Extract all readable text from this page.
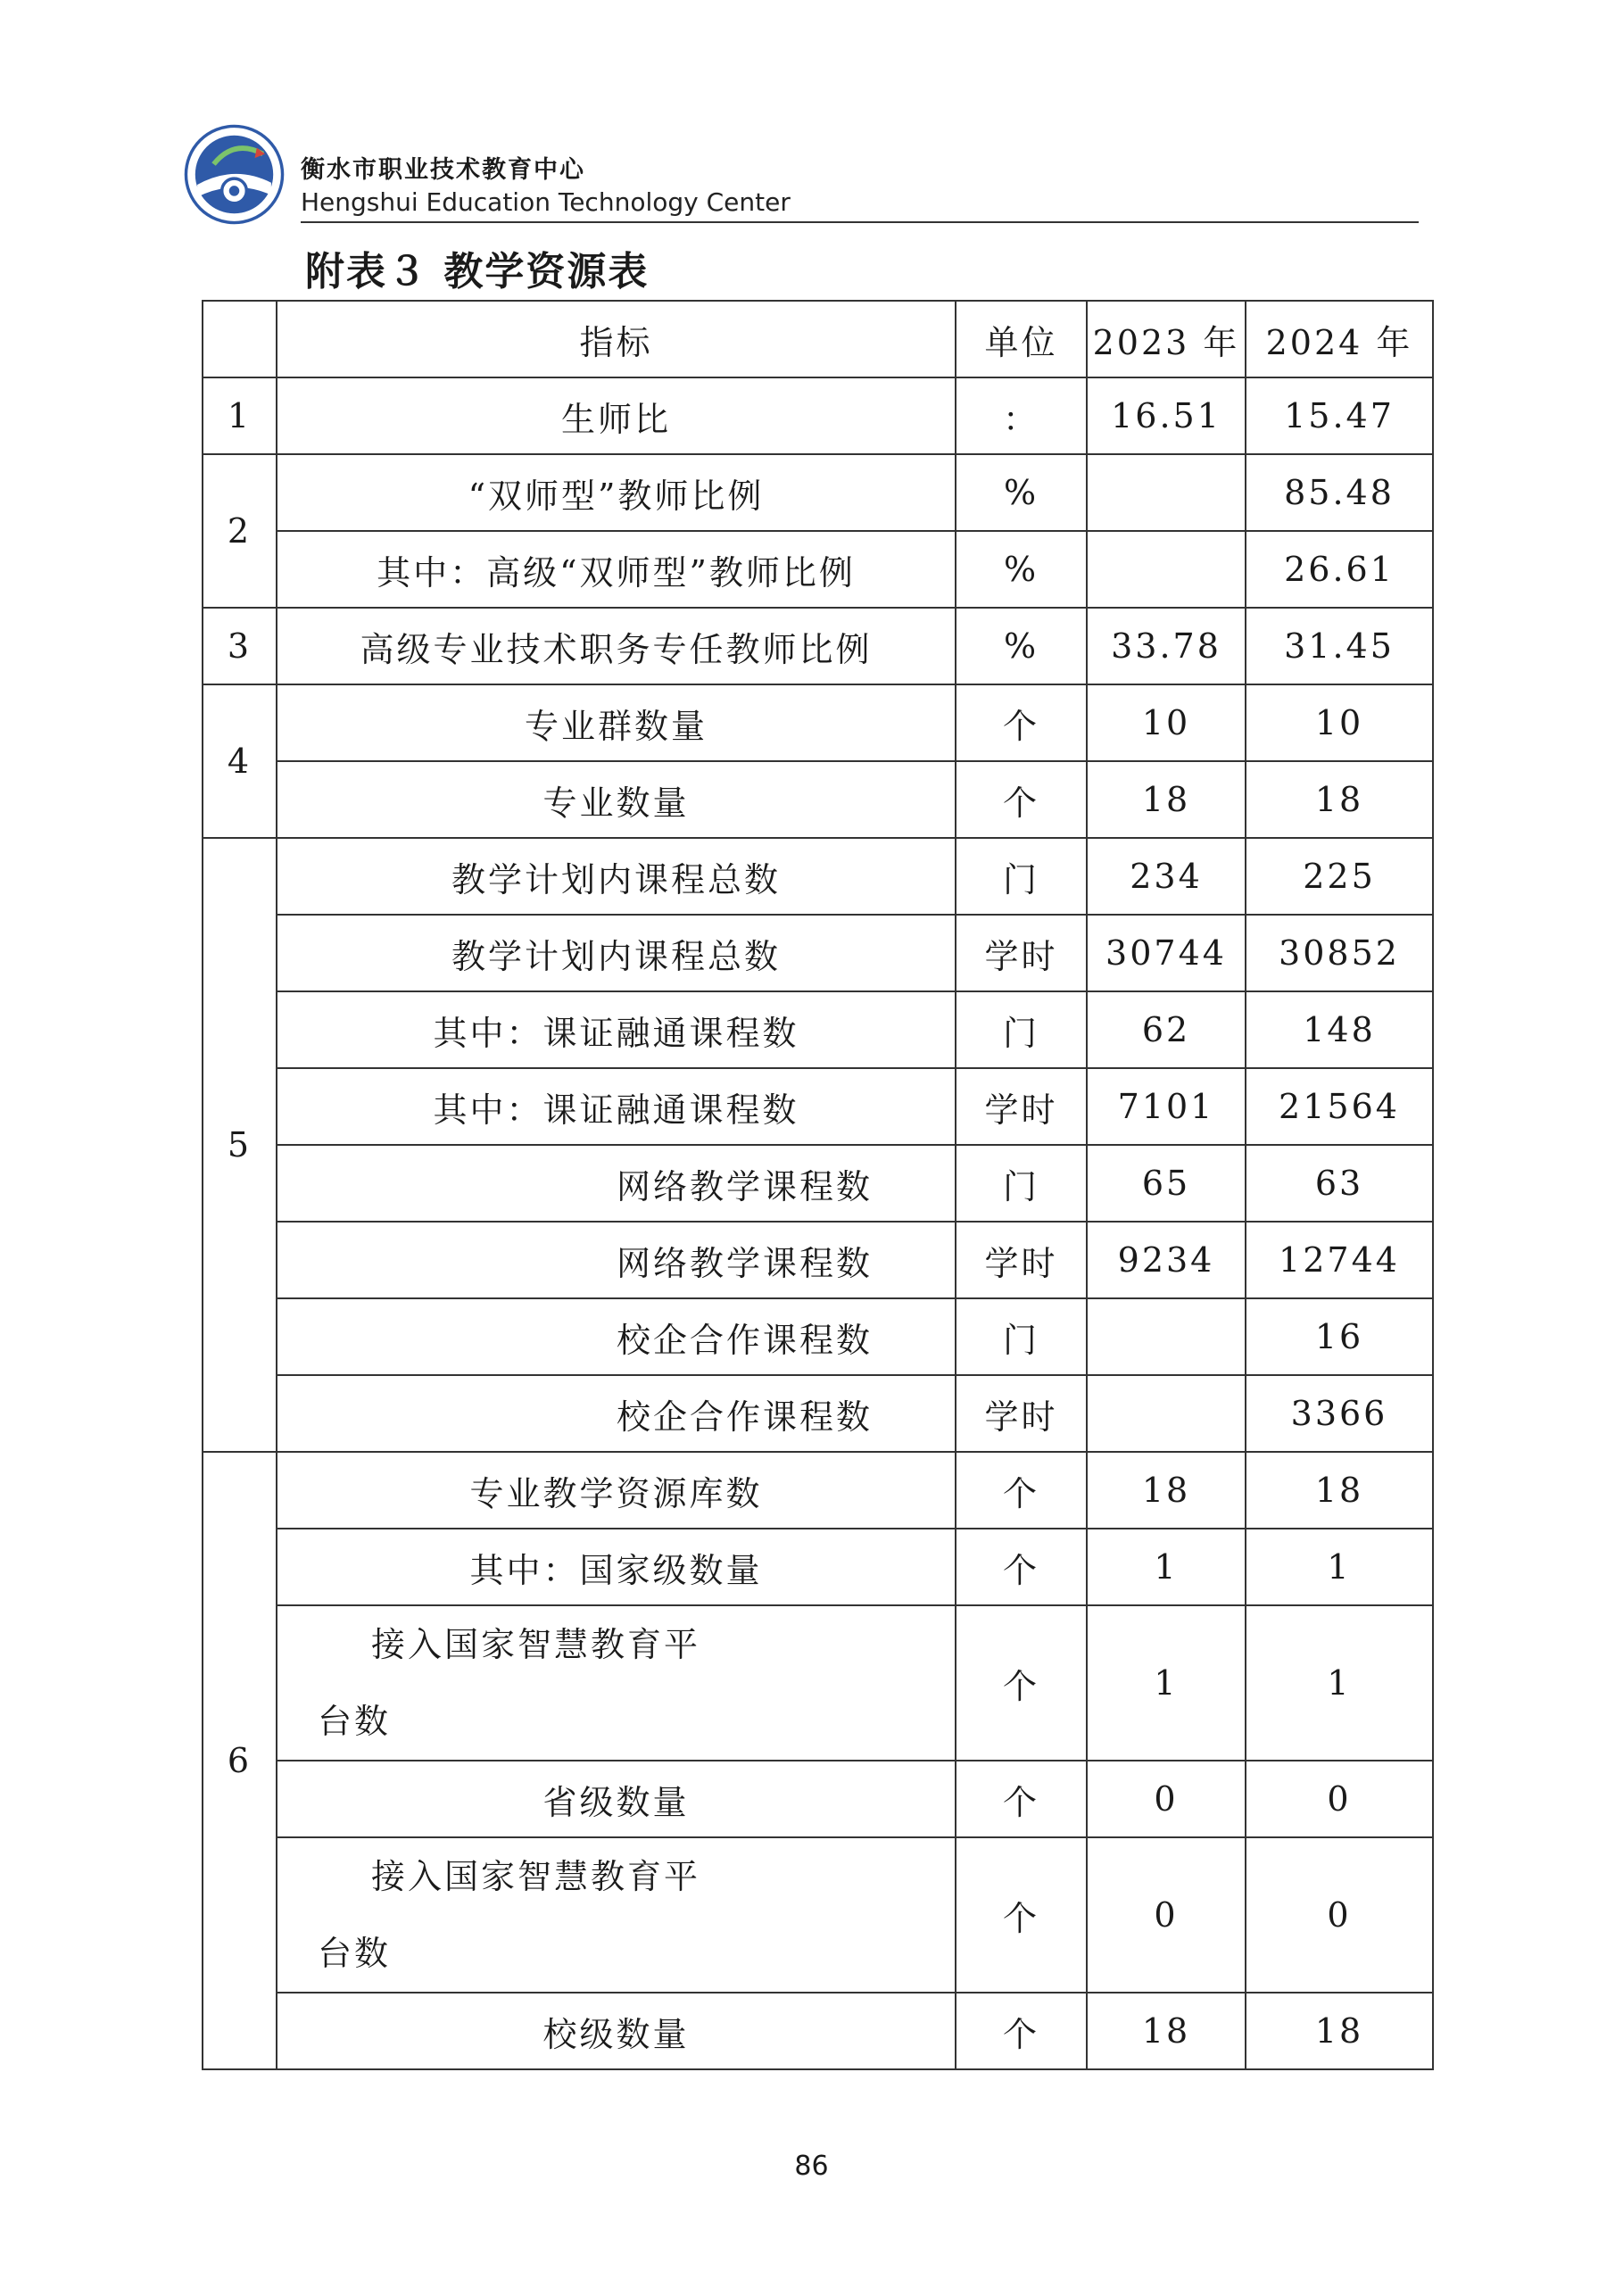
衡水市职业技术教育中心
Hengshui Education Technology Center
附表３ 教学资源表
	指标	单位	2023 年	2024 年
1	生师比	：	16.51	15.47
2	“双师型”教师比例	%		85.48
	其中：高级“双师型”教师比例	%		26.61
3	高级专业技术职务专任教师比例	%	33.78	31.45
4	专业群数量	个	10	10
	专业数量	个	18	18
5	教学计划内课程总数	门	234	225
	教学计划内课程总数	学时	30744	30852
	其中：课证融通课程数	门	62	148
	其中：课证融通课程数	学时	7101	21564
	网络教学课程数	门	65	63
	网络教学课程数	学时	9234	12744
	校企合作课程数	门		16
	校企合作课程数	学时		3366
6	专业教学资源库数	个	18	18
	其中：国家级数量	个	1	1

	接入国家智慧教育平台数	个	1	1
	省级数量	个	0	0

	接入国家智慧教育平台数	个	0	0
	校级数量	个	18	18
86
